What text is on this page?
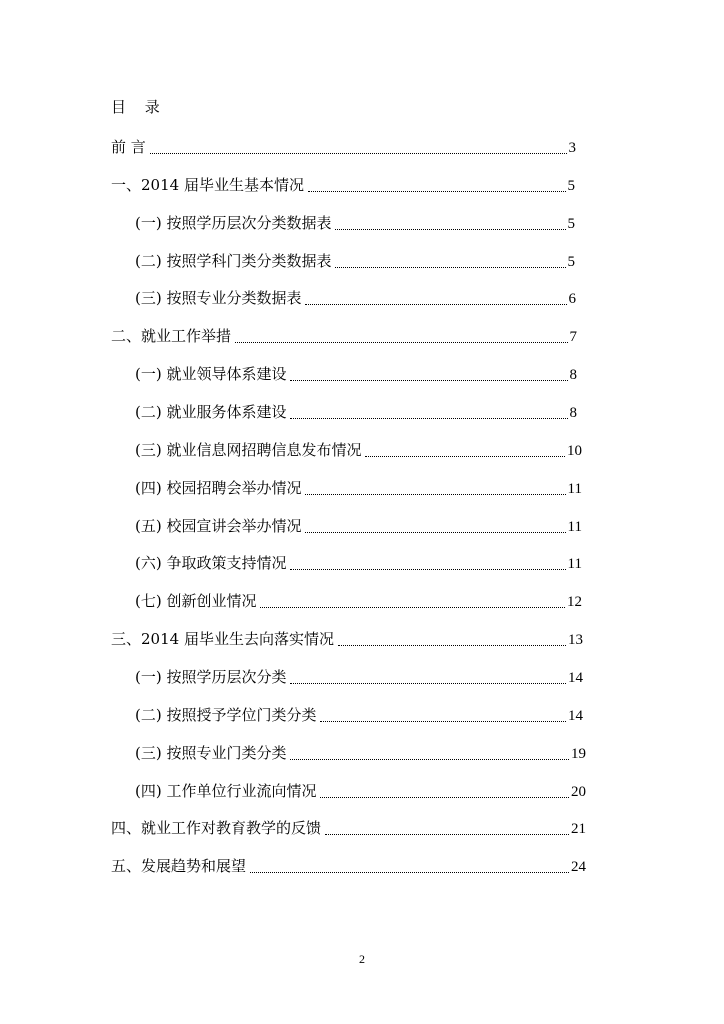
目 录
前 言	3
一、2014 届毕业生基本情况	5
(一) 按照学历层次分类数据表	5
(二) 按照学科门类分类数据表	5
(三) 按照专业分类数据表	6
二、就业工作举措	7
(一) 就业领导体系建设	8
(二) 就业服务体系建设	8
(三) 就业信息网招聘信息发布情况	10
(四) 校园招聘会举办情况	11
(五) 校园宣讲会举办情况	11
(六) 争取政策支持情况	11
(七) 创新创业情况	12
三、2014 届毕业生去向落实情况	13
(一) 按照学历层次分类	14
(二) 按照授予学位门类分类	14
(三) 按照专业门类分类	19
(四) 工作单位行业流向情况	20
四、就业工作对教育教学的反馈	21
五、发展趋势和展望	24
2
